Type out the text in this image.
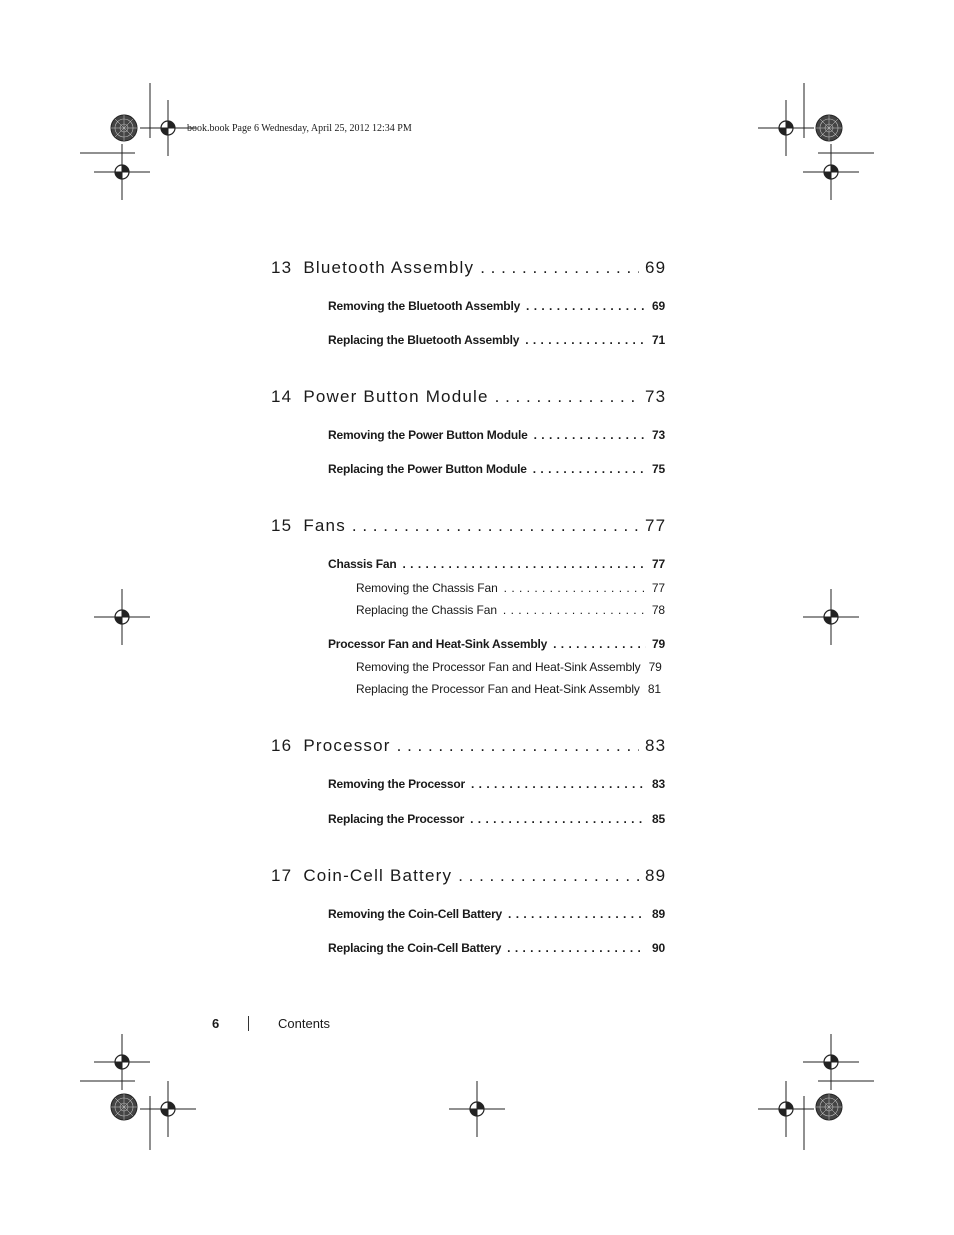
book.book Page 6 Wednesday, April 25, 2012 12:34 PM
13 Bluetooth Assembly . . .	69
Removing the Bluetooth Assembly . . .	69
Replacing the Bluetooth Assembly . . .	71
14 Power Button Module . . .	73
Removing the Power Button Module . . .	73
Replacing the Power Button Module . . .	75
15 Fans . . .	77
Chassis Fan . . .	77
Removing the Chassis Fan . . .	77
Replacing the Chassis Fan . . .	78
Processor Fan and Heat-Sink Assembly . . .	79
Removing the Processor Fan and Heat-Sink Assembly 79
Replacing the Processor Fan and Heat-Sink Assembly 81
16 Processor . . .	83
Removing the Processor . . .	83
Replacing the Processor . . .	85
17 Coin-Cell Battery . . .	89
Removing the Coin-Cell Battery . . .	89
Replacing the Coin-Cell Battery . . .	90
6	Contents
